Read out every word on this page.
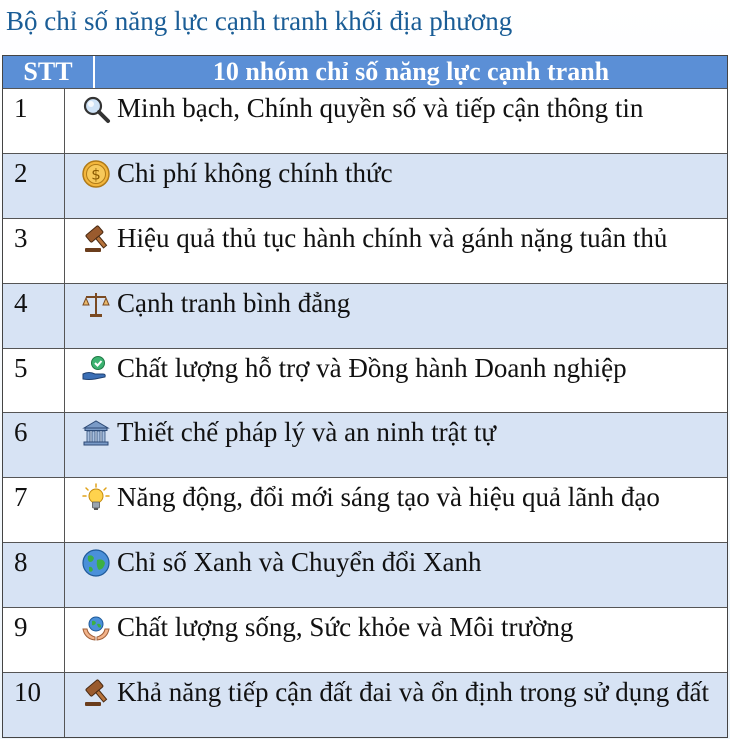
Bộ chỉ số năng lực cạnh tranh khối địa phương
STT	10 nhóm chỉ số năng lực cạnh tranh
1	Minh bạch, Chính quyền số và tiếp cận thông tin
2	Chi phí không chính thức
3	Hiệu quả thủ tục hành chính và gánh nặng tuân thủ
4	Cạnh tranh bình đẳng
5	Chất lượng hỗ trợ và Đồng hành Doanh nghiệp
6	Thiết chế pháp lý và an ninh trật tự
7	Năng động, đổi mới sáng tạo và hiệu quả lãnh đạo
8	Chỉ số Xanh và Chuyển đổi Xanh
9	Chất lượng sống, Sức khỏe và Môi trường
10	Khả năng tiếp cận đất đai và ổn định trong sử dụng đất
